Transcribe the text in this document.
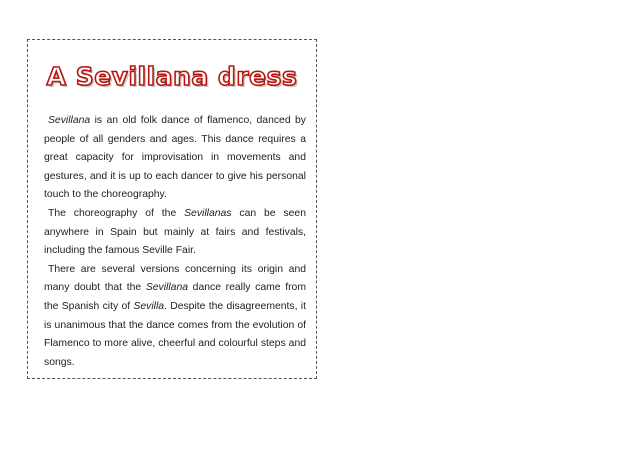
A Sevillana dress

Sevillana is an old folk dance of flamenco, danced by people of all genders and ages. This dance requires a great capacity for improvisation in movements and gestures, and it is up to each dancer to give his personal touch to the choreography.

The choreography of the Sevillanas can be seen anywhere in Spain but mainly at fairs and festivals, including the famous Seville Fair.

There are several versions concerning its origin and many doubt that the Sevillana dance really came from the Spanish city of Sevilla. Despite the disagreements, it is unanimous that the dance comes from the evolution of Flamenco to more alive, cheerful and colourful steps and songs.
